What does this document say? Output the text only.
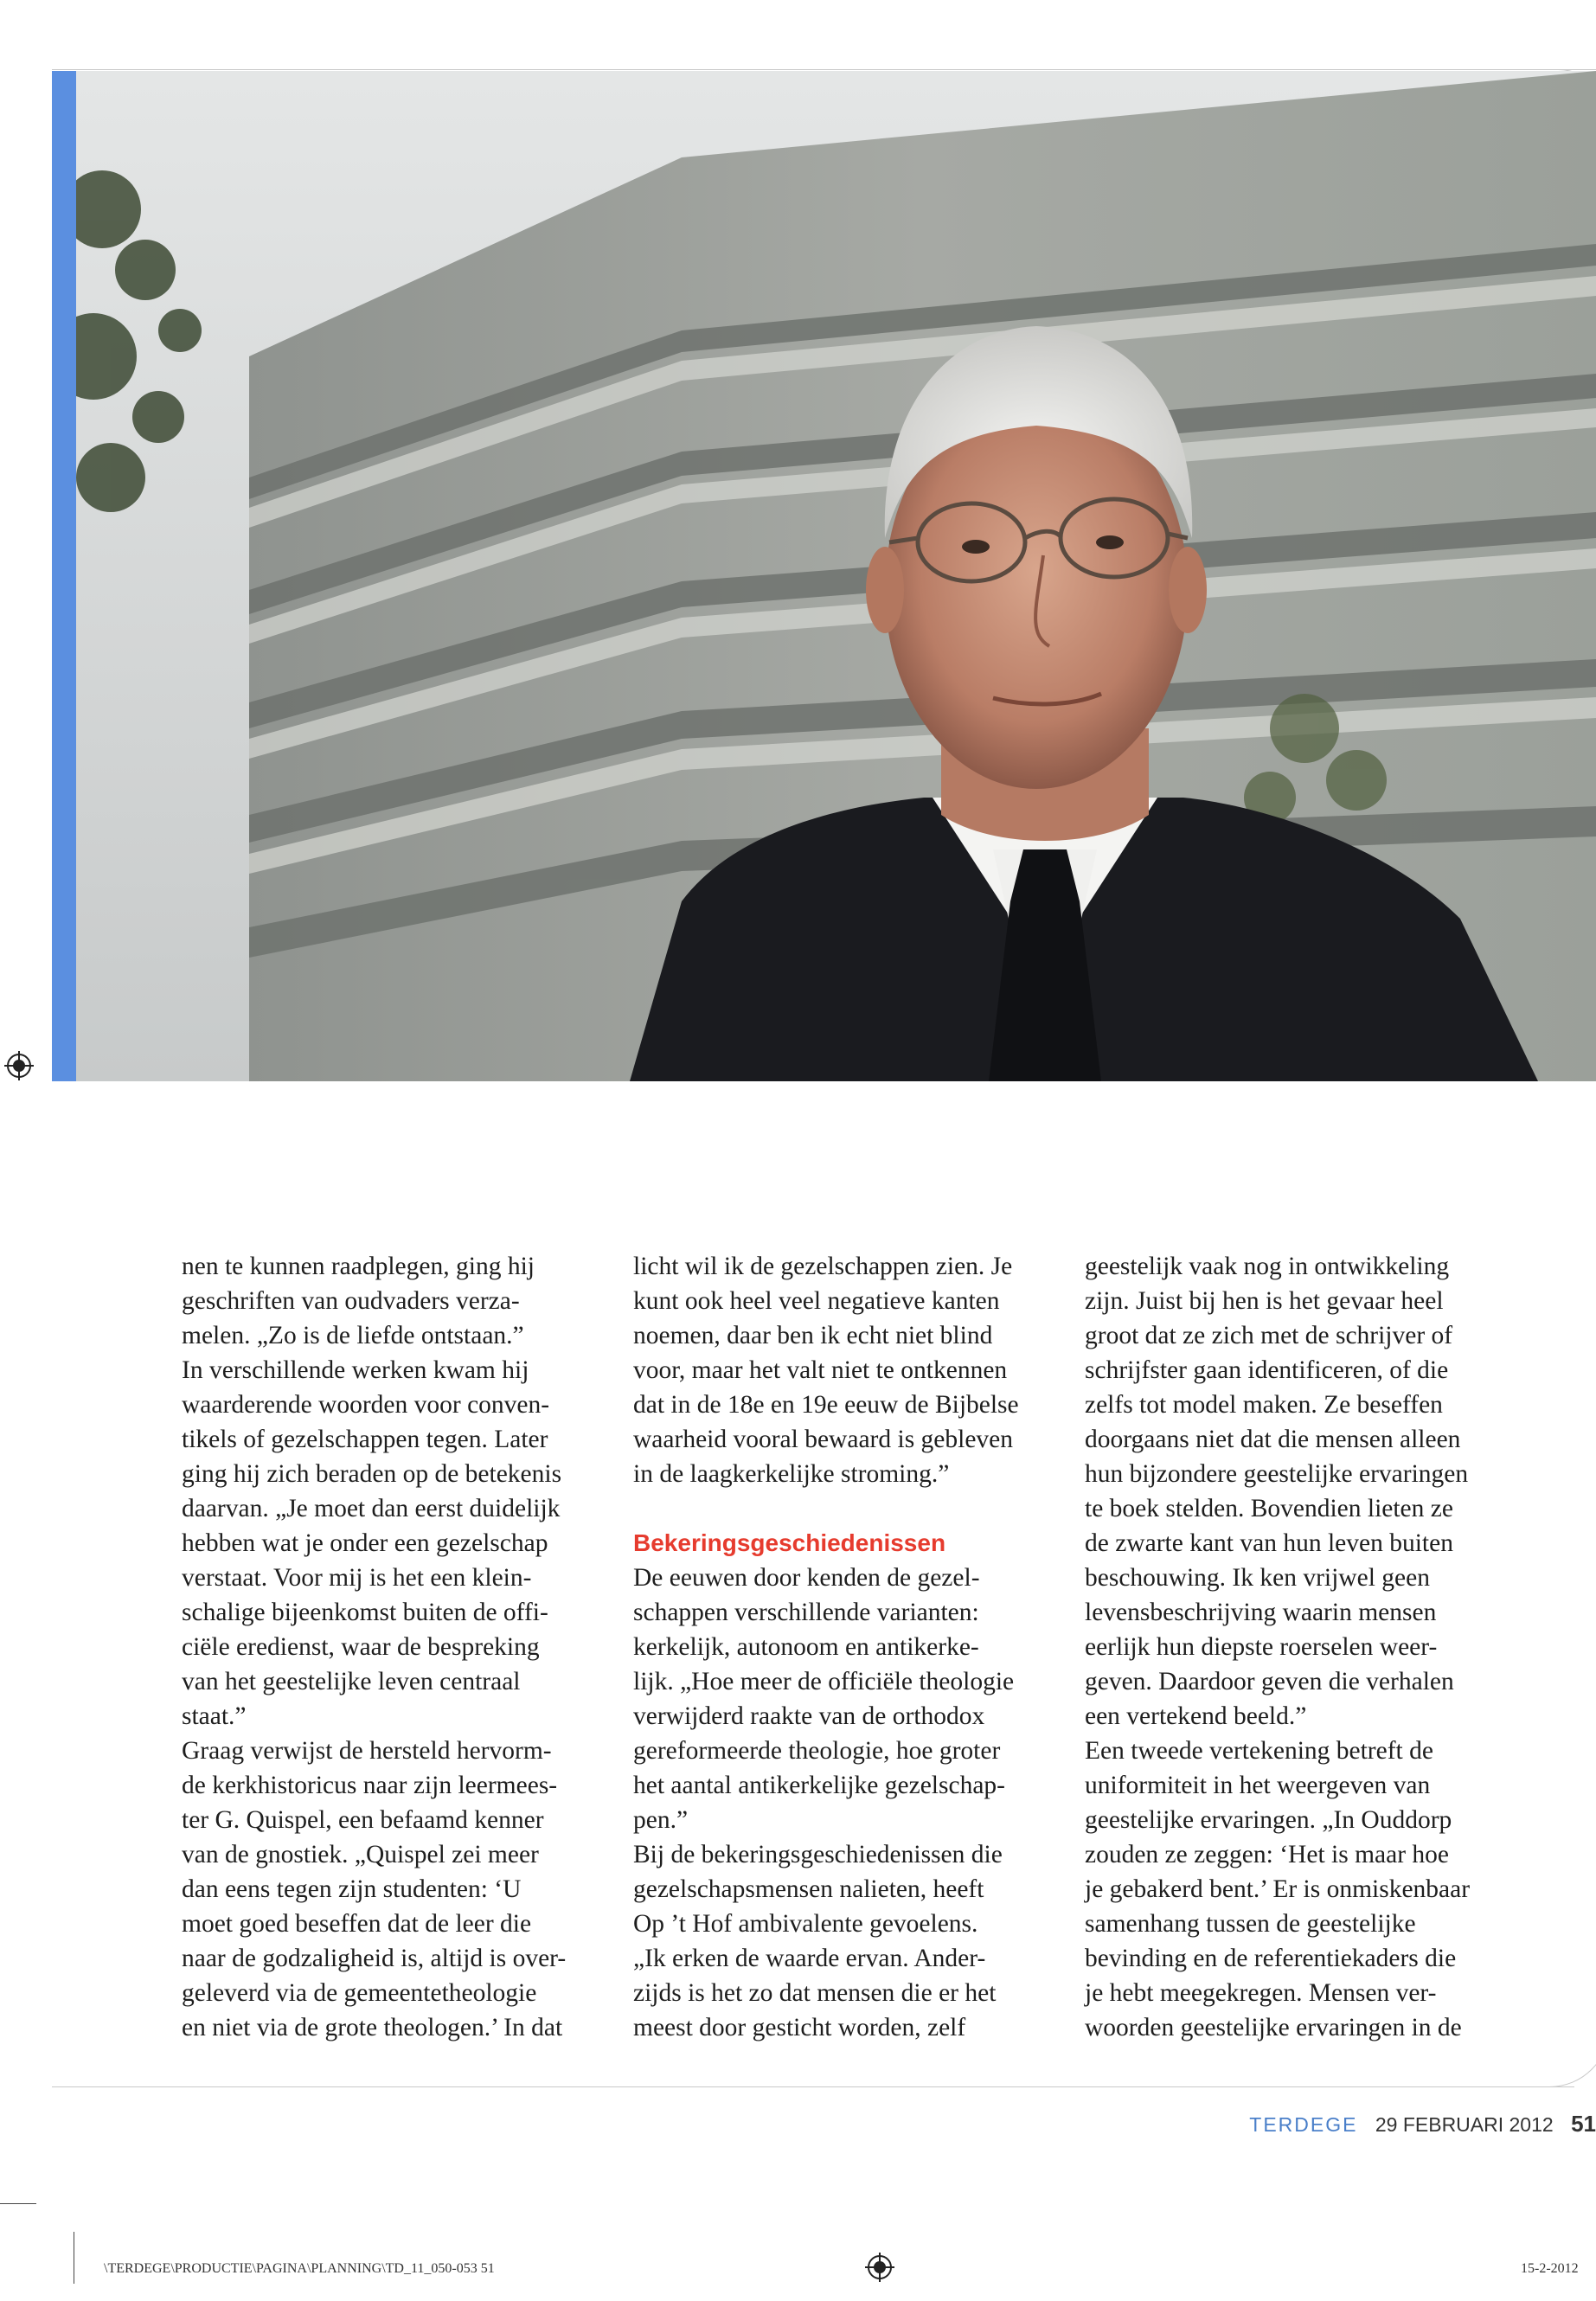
nen te kunnen raadplegen, ging hij
geschriften van oudvaders verza-
melen. „Zo is de liefde ontstaan.”
In verschillende werken kwam hij
waarderende woorden voor conven-
tikels of gezelschappen tegen. Later
ging hij zich beraden op de betekenis
daarvan. „Je moet dan eerst duidelijk
hebben wat je onder een gezelschap
verstaat. Voor mij is het een klein-
schalige bijeenkomst buiten de offi-
ciële eredienst, waar de bespreking
van het geestelijke leven centraal
staat.”
Graag verwijst de hersteld hervorm-
de kerkhistoricus naar zijn leermees-
ter G. Quispel, een befaamd kenner
van de gnostiek. „Quispel zei meer
dan eens tegen zijn studenten: ‘U
moet goed beseffen dat de leer die
naar de godzaligheid is, altijd is over-
geleverd via de gemeentetheologie
en niet via de grote theologen.’ In dat
licht wil ik de gezelschappen zien. Je
kunt ook heel veel negatieve kanten
noemen, daar ben ik echt niet blind
voor, maar het valt niet te ontkennen
dat in de 18e en 19e eeuw de Bijbelse
waarheid vooral bewaard is gebleven
in de laagkerkelijke stroming.”
Bekeringsgeschiedenissen
De eeuwen door kenden de gezel-
schappen verschillende varianten:
kerkelijk, autonoom en antikerke-
lijk. „Hoe meer de officiële theologie
verwijderd raakte van de orthodox
gereformeerde theologie, hoe groter
het aantal antikerkelijke gezelschap-
pen.”
Bij de bekeringsgeschiedenissen die
gezelschapsmensen nalieten, heeft
Op ’t Hof ambivalente gevoelens.
„Ik erken de waarde ervan. Ander-
zijds is het zo dat mensen die er het
meest door gesticht worden, zelf
geestelijk vaak nog in ontwikkeling
zijn. Juist bij hen is het gevaar heel
groot dat ze zich met de schrijver of
schrijfster gaan identificeren, of die
zelfs tot model maken. Ze beseffen
doorgaans niet dat die mensen alleen
hun bijzondere geestelijke ervaringen
te boek stelden. Bovendien lieten ze
de zwarte kant van hun leven buiten
beschouwing. Ik ken vrijwel geen
levensbeschrijving waarin mensen
eerlijk hun diepste roerselen weer-
geven. Daardoor geven die verhalen
een vertekend beeld.”
Een tweede vertekening betreft de
uniformiteit in het weergeven van
geestelijke ervaringen. „In Ouddorp
zouden ze zeggen: ‘Het is maar hoe
je gebakerd bent.’ Er is onmiskenbaar
samenhang tussen de geestelijke
bevinding en de referentiekaders die
je hebt meegekregen. Mensen ver-
woorden geestelijke ervaringen in de
TERDEGE 29 FEBRUARI 2012 51
\TERDEGE\PRODUCTIE\PAGINA\PLANNING\TD_11_050-053 51	15-2-2012
